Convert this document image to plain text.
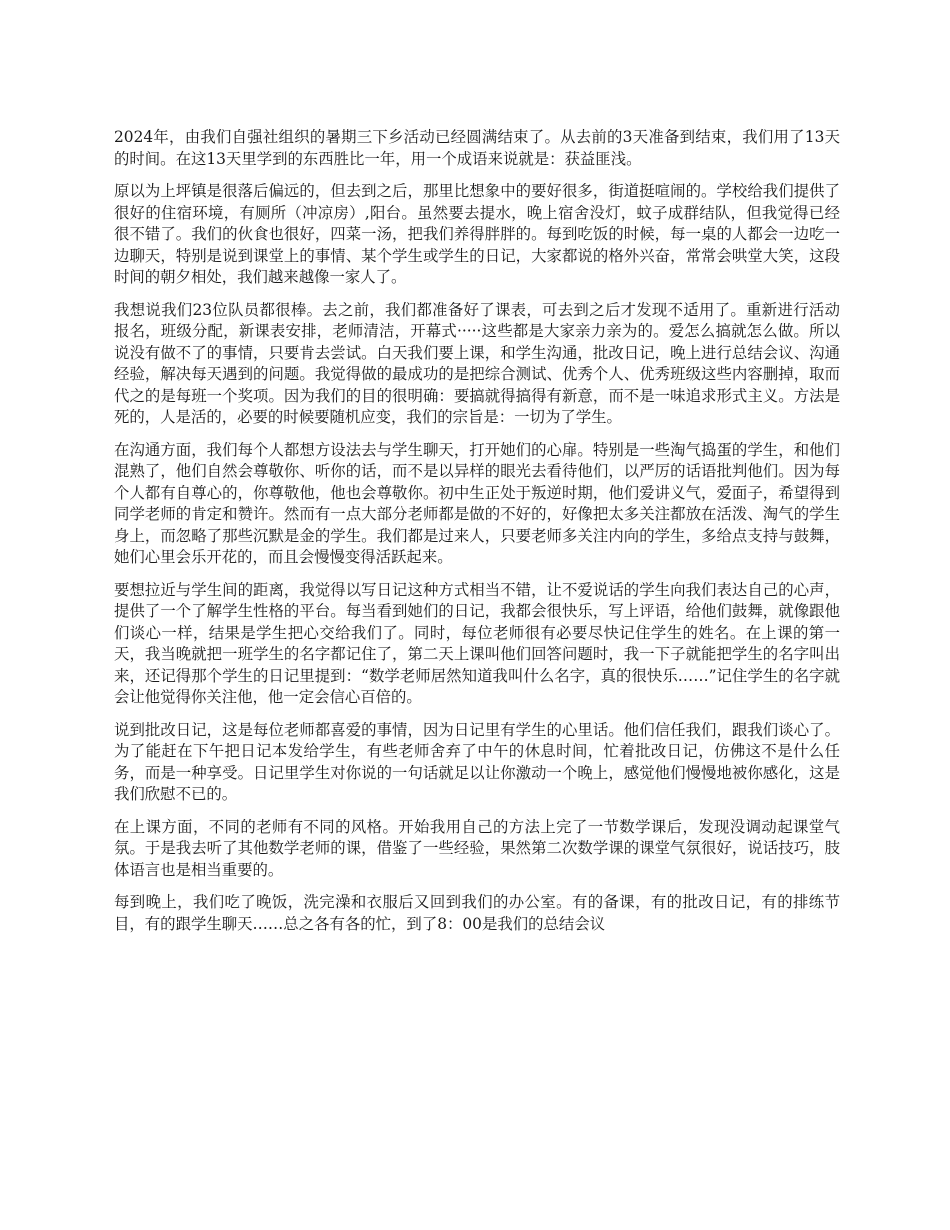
2024年，由我们自强社组织的暑期三下乡活动已经圆满结束了。从去前的3天准备到结束，我们用了13天的时间。在这13天里学到的东西胜比一年，用一个成语来说就是：获益匪浅。

原以为上坪镇是很落后偏远的，但去到之后，那里比想象中的要好很多，街道挺喧闹的。学校给我们提供了很好的住宿环境，有厕所（冲凉房）,阳台。虽然要去提水，晚上宿舍没灯，蚊子成群结队，但我觉得已经很不错了。我们的伙食也很好，四菜一汤，把我们养得胖胖的。每到吃饭的时候，每一桌的人都会一边吃一边聊天，特别是说到课堂上的事情、某个学生或学生的日记，大家都说的格外兴奋，常常会哄堂大笑，这段时间的朝夕相处，我们越来越像一家人了。

我想说我们23位队员都很棒。去之前，我们都准备好了课表，可去到之后才发现不适用了。重新进行活动报名，班级分配，新课表安排，老师清洁，开幕式·····这些都是大家亲力亲为的。爱怎么搞就怎么做。所以说没有做不了的事情，只要肯去尝试。白天我们要上课，和学生沟通，批改日记，晚上进行总结会议、沟通经验，解决每天遇到的问题。我觉得做的最成功的是把综合测试、优秀个人、优秀班级这些内容删掉，取而代之的是每班一个奖项。因为我们的目的很明确：要搞就得搞得有新意，而不是一味追求形式主义。方法是死的，人是活的，必要的时候要随机应变，我们的宗旨是：一切为了学生。

在沟通方面，我们每个人都想方设法去与学生聊天，打开她们的心扉。特别是一些淘气捣蛋的学生，和他们混熟了，他们自然会尊敬你、听你的话，而不是以异样的眼光去看待他们，以严厉的话语批判他们。因为每个人都有自尊心的，你尊敬他，他也会尊敬你。初中生正处于叛逆时期，他们爱讲义气，爱面子，希望得到同学老师的肯定和赞许。然而有一点大部分老师都是做的不好的，好像把太多关注都放在活泼、淘气的学生身上，而忽略了那些沉默是金的学生。我们都是过来人，只要老师多关注内向的学生，多给点支持与鼓舞，她们心里会乐开花的，而且会慢慢变得活跃起来。

要想拉近与学生间的距离，我觉得以写日记这种方式相当不错，让不爱说话的学生向我们表达自己的心声，提供了一个了解学生性格的平台。每当看到她们的日记，我都会很快乐，写上评语，给他们鼓舞，就像跟他们谈心一样，结果是学生把心交给我们了。同时，每位老师很有必要尽快记住学生的姓名。在上课的第一天，我当晚就把一班学生的名字都记住了，第二天上课叫他们回答问题时，我一下子就能把学生的名字叫出来，还记得那个学生的日记里提到：“数学老师居然知道我叫什么名字，真的很快乐……”记住学生的名字就会让他觉得你关注他，他一定会信心百倍的。

说到批改日记，这是每位老师都喜爱的事情，因为日记里有学生的心里话。他们信任我们，跟我们谈心了。为了能赶在下午把日记本发给学生，有些老师舍弃了中午的休息时间，忙着批改日记，仿佛这不是什么任务，而是一种享受。日记里学生对你说的一句话就足以让你激动一个晚上，感觉他们慢慢地被你感化，这是我们欣慰不已的。

在上课方面，不同的老师有不同的风格。开始我用自己的方法上完了一节数学课后，发现没调动起课堂气氛。于是我去听了其他数学老师的课，借鉴了一些经验，果然第二次数学课的课堂气氛很好，说话技巧，肢体语言也是相当重要的。

每到晚上，我们吃了晚饭，洗完澡和衣服后又回到我们的办公室。有的备课，有的批改日记，有的排练节目，有的跟学生聊天……总之各有各的忙，到了8：00是我们的总结会议
